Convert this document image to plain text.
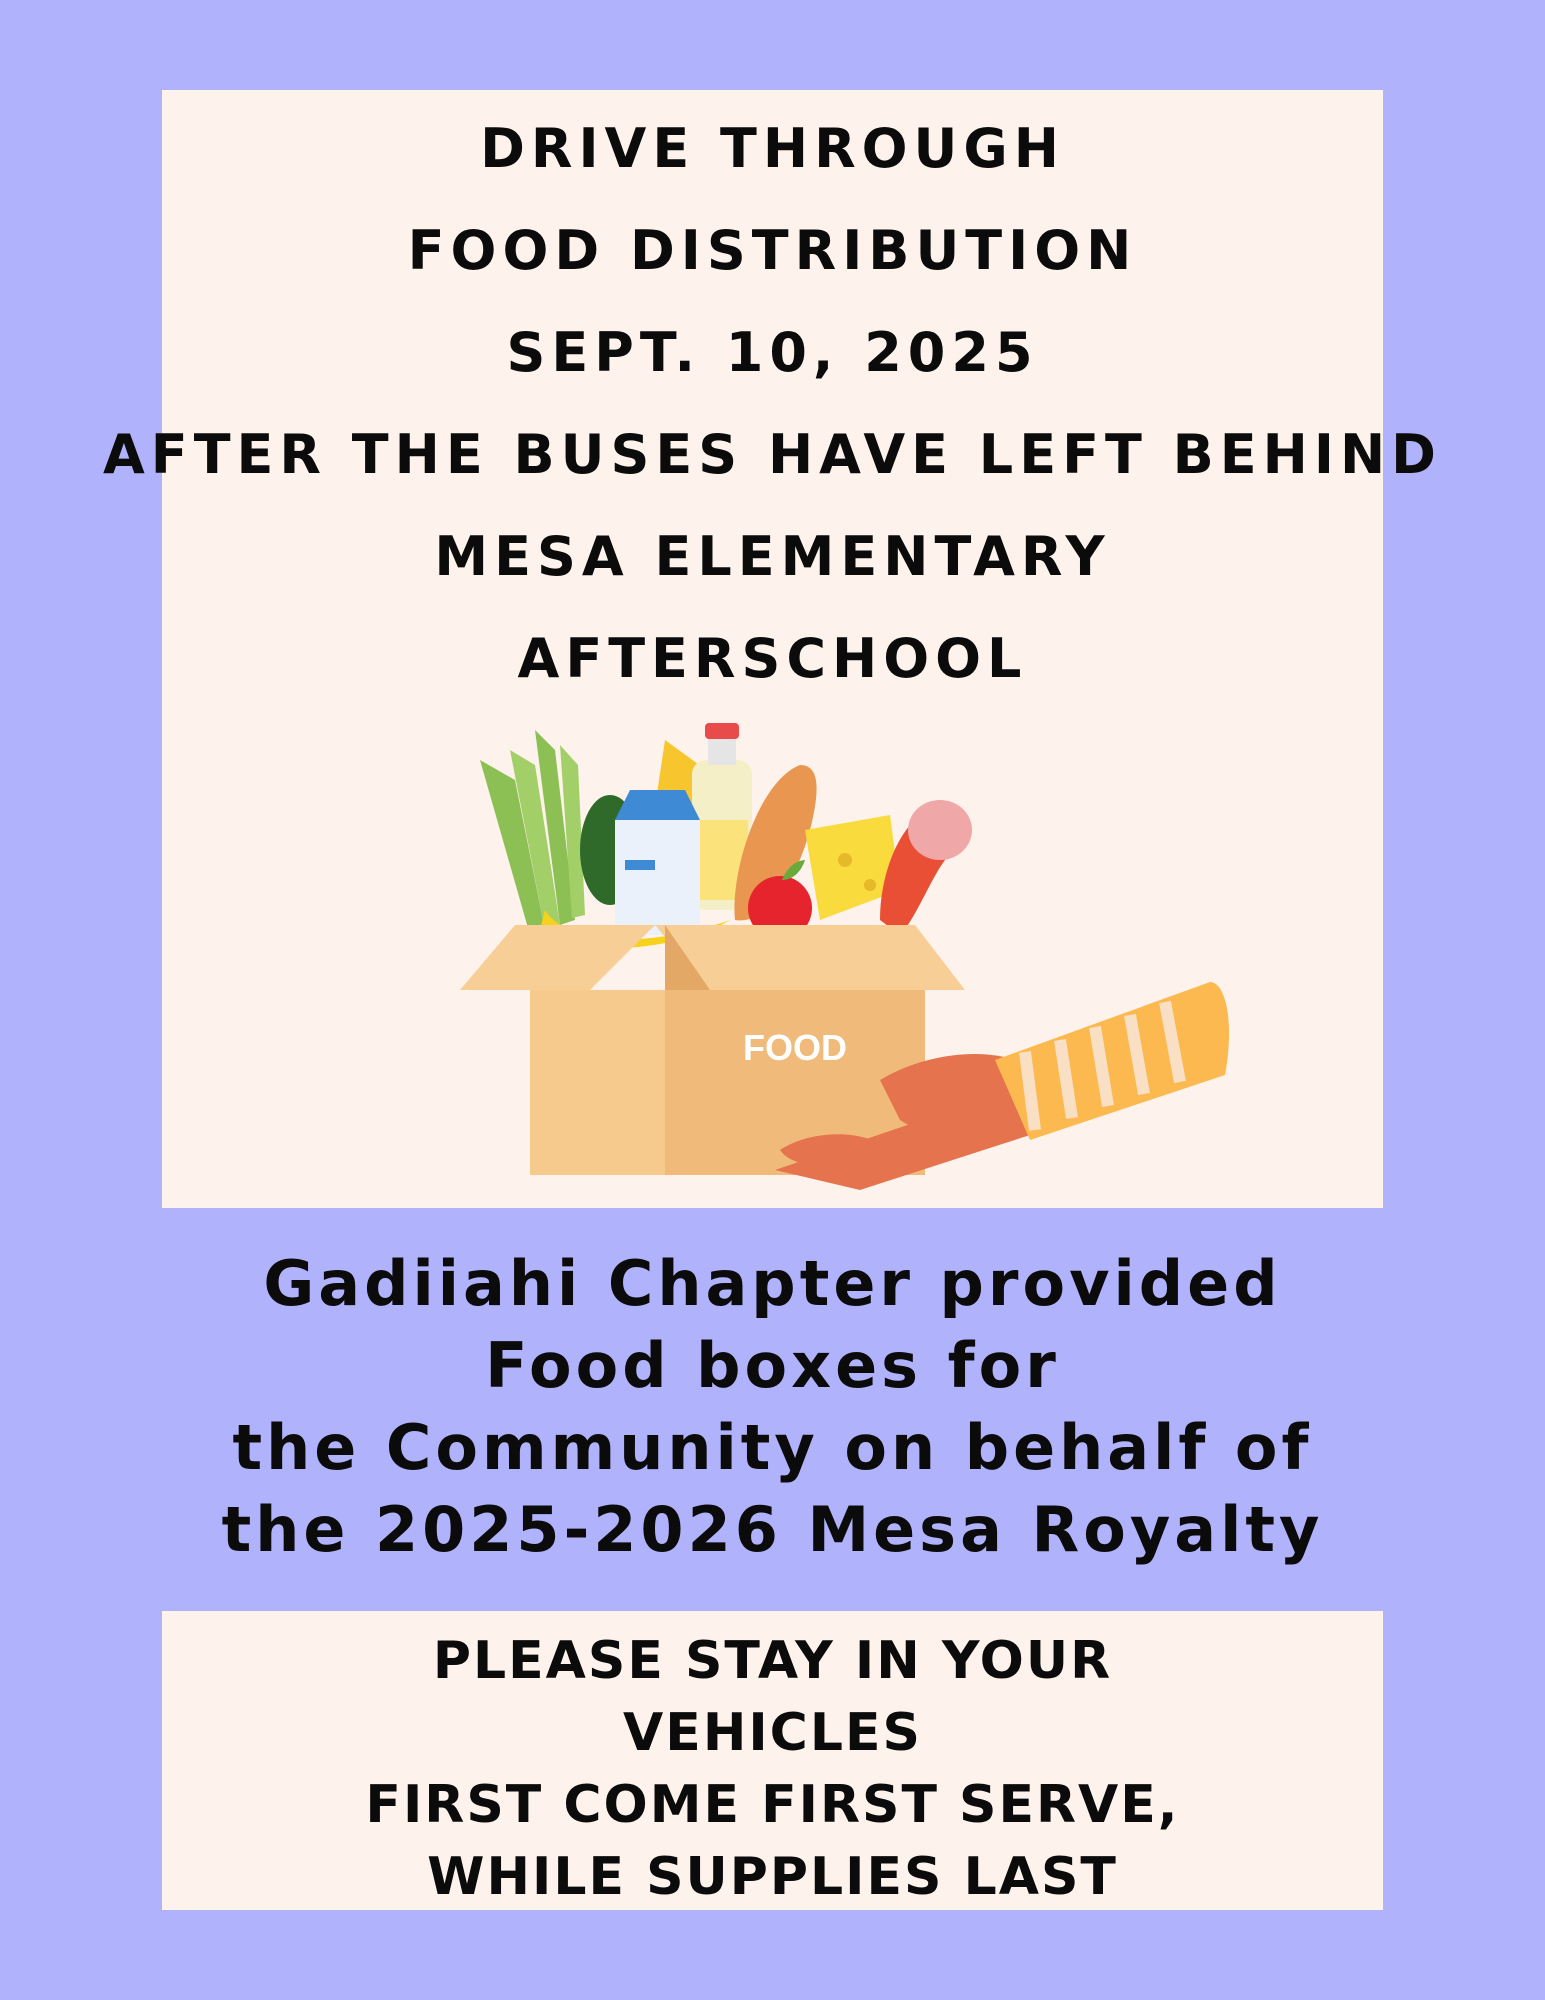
DRIVE THROUGH
FOOD DISTRIBUTION
SEPT. 10, 2025
AFTER THE BUSES HAVE LEFT BEHIND
MESA ELEMENTARY
AFTERSCHOOL
FOOD
Gadiiahi Chapter provided
Food boxes for
the Community on behalf of
the 2025-2026 Mesa Royalty
PLEASE STAY IN YOUR
VEHICLES
FIRST COME FIRST SERVE,
WHILE SUPPLIES LAST
